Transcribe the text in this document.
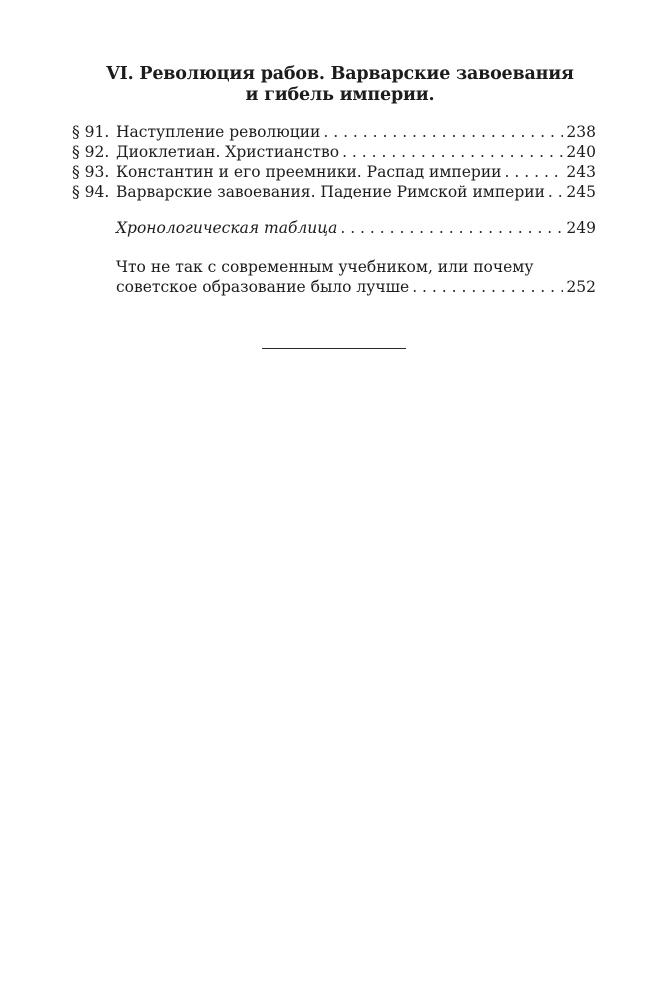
VI. Революция рабов. Варварские завоевания
и гибель империи.
§ 91. Наступление революции . . .	238
§ 92. Диоклетиан. Христианство . . .	240
§ 93. Константин и его преемники. Распад империи . . .	243
§ 94. Варварские завоевания. Падение Римской империи . . . 245
Хронологическая таблица . . .	249
Что не так с современным учебником, или почему
советское образование было лучше . . .	252
